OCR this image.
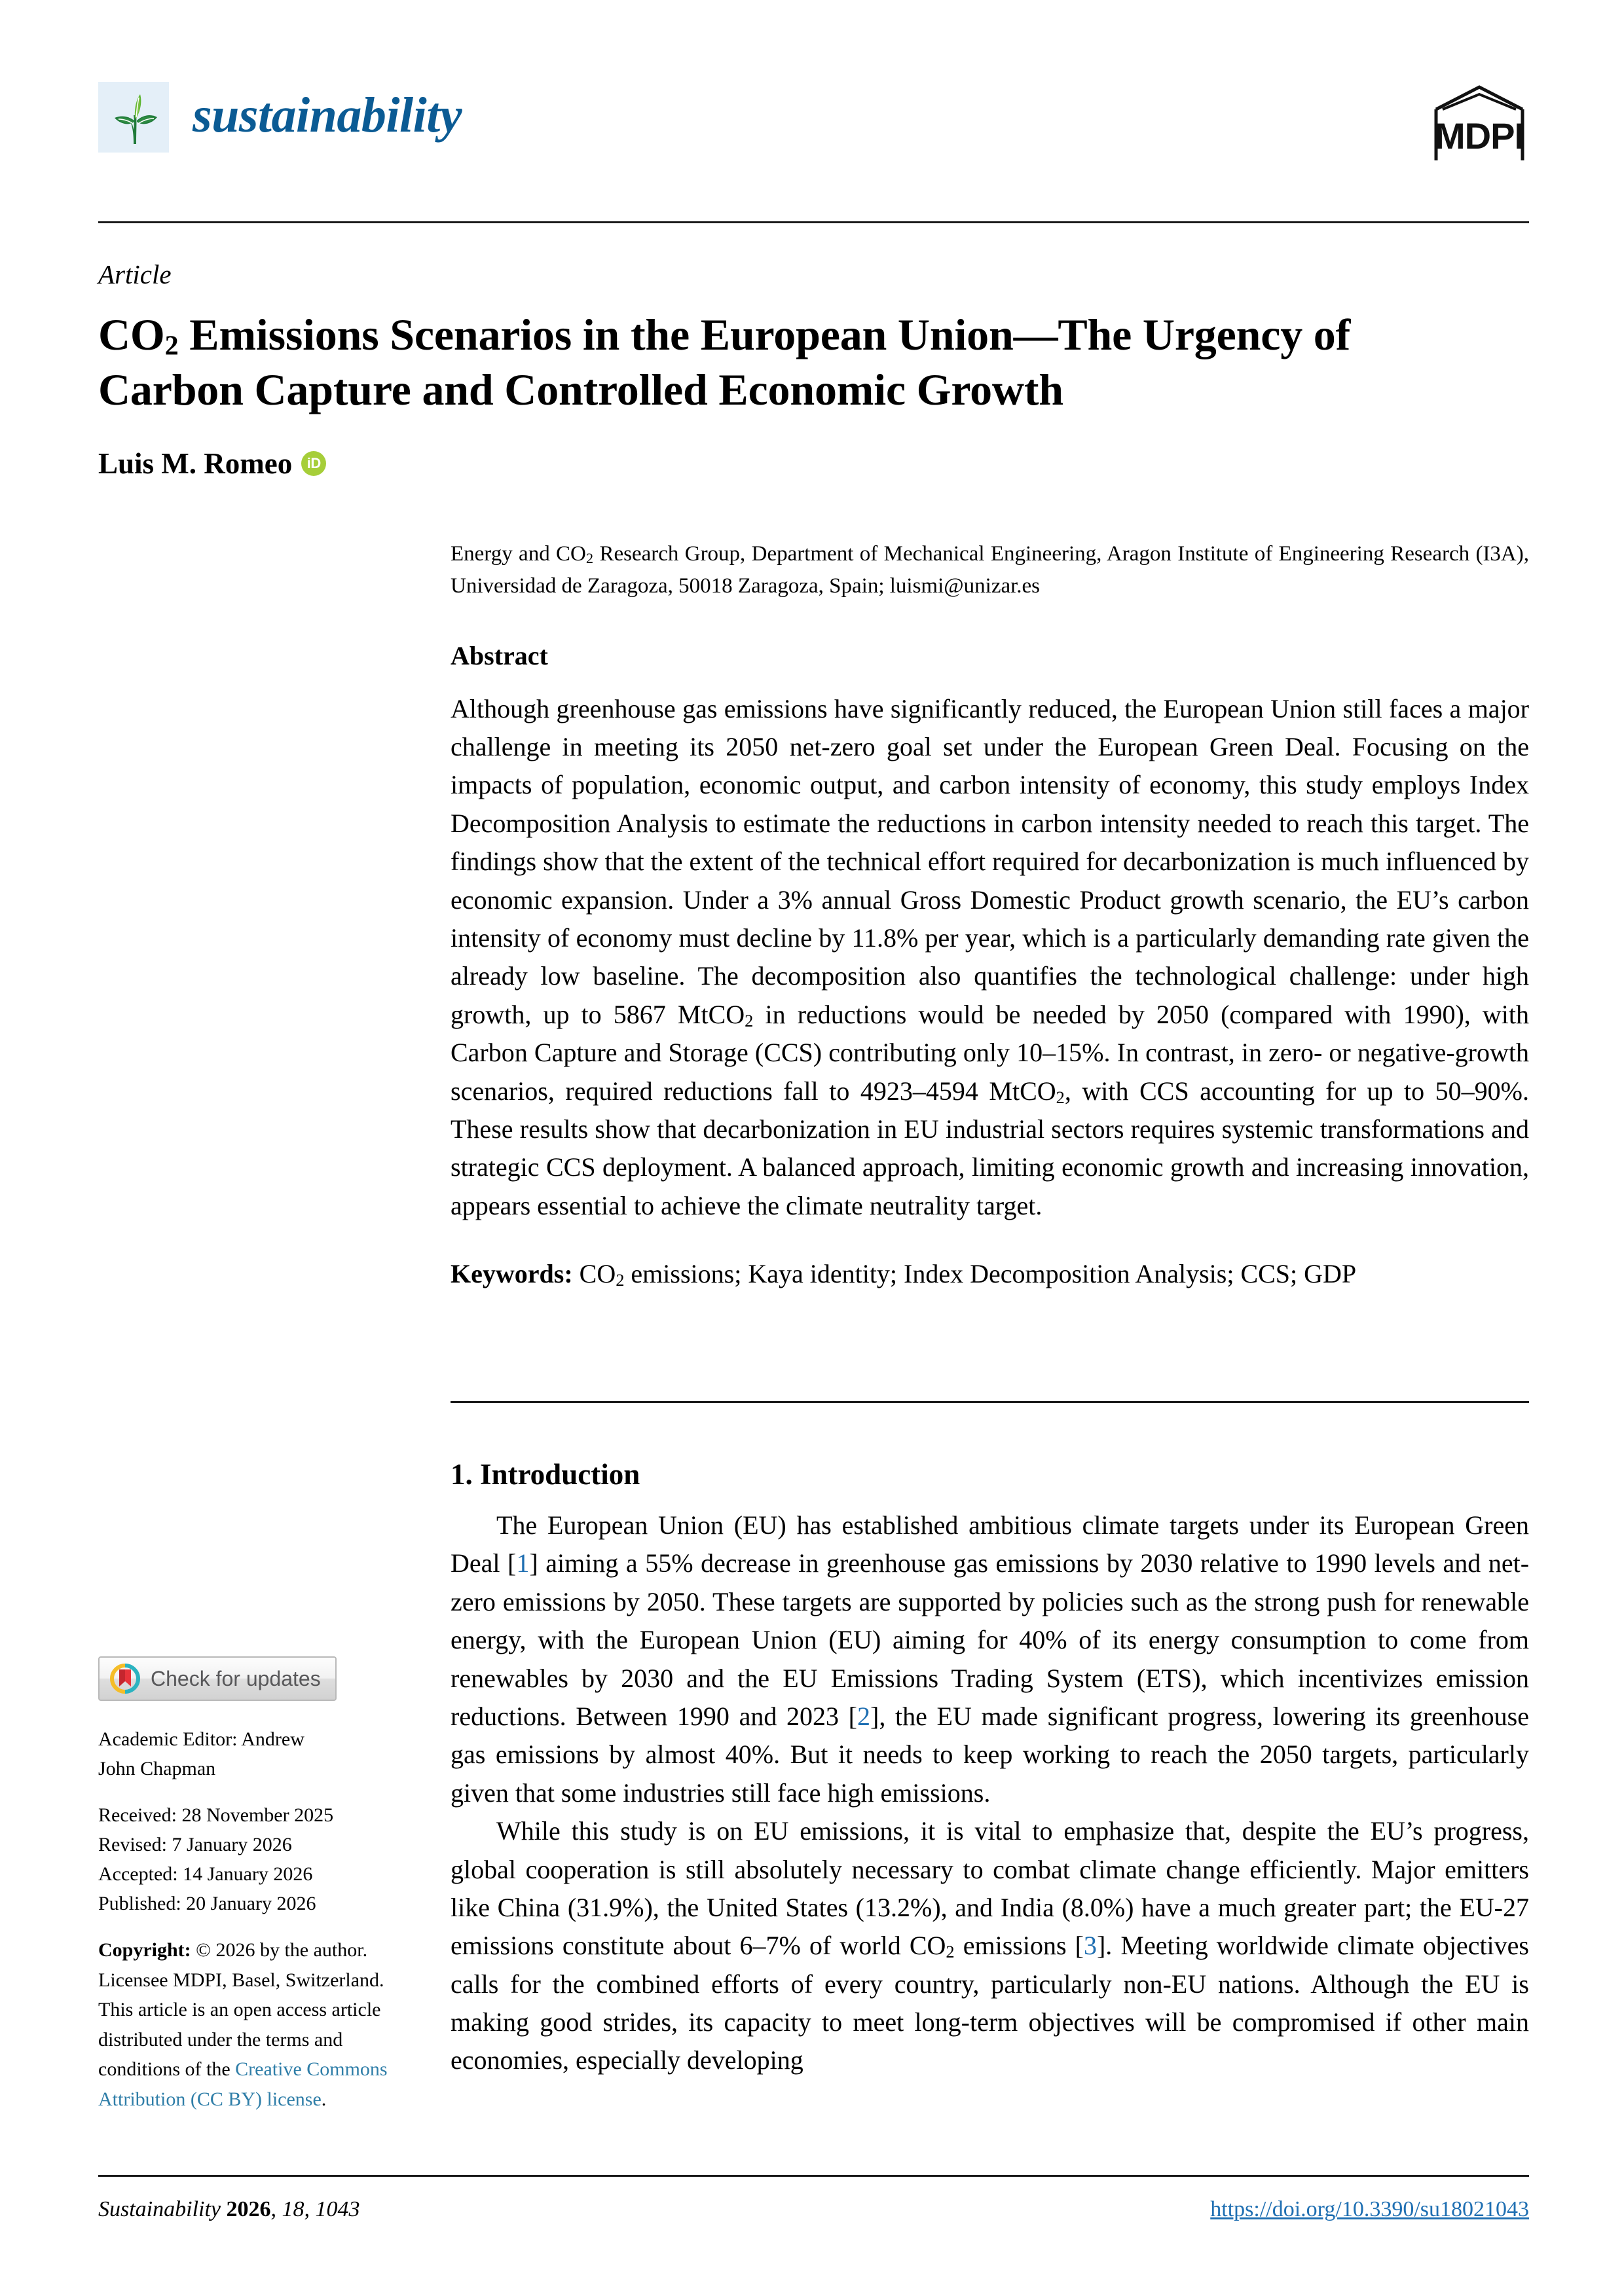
sustainability	MDPI
Article
$CO_2$ Emissions Scenarios in the European Union—The Urgency of Carbon Capture and Controlled Economic Growth
Luis M. Romeo	iD
Check for updates

Academic Editor: Andrew

John Chapman

Received: 28 November 2025

Revised: 7 January 2026

Accepted: 14 January 2026

Published: 20 January 2026

Copyright: © 2026 by the author. Licensee MDPI, Basel, Switzerland. This article is an open access article distributed under the terms and conditions of the Creative Commons Attribution (CC BY) license.

Energy and $CO_2$ Research Group, Department of Mechanical Engineering, Aragon Institute of Engineering Research (I3A), Universidad de Zaragoza, 50018 Zaragoza, Spain; luismi@unizar.es

Abstract

Although greenhouse gas emissions have significantly reduced, the European Union still faces a major challenge in meeting its 2050 net-zero goal set under the European Green Deal. Focusing on the impacts of population, economic output, and carbon intensity of economy, this study employs Index Decomposition Analysis to estimate the reductions in carbon intensity needed to reach this target. The findings show that the extent of the technical effort required for decarbonization is much influenced by economic expansion. Under a 3% annual Gross Domestic Product growth scenario, the EU’s carbon intensity of economy must decline by 11.8% per year, which is a particularly demanding rate given the already low baseline. The decomposition also quantifies the technological challenge: under high growth, up to 5867 MtCO$_2$ in reductions would be needed by 2050 (compared with 1990), with Carbon Capture and Storage (CCS) contributing only 10–15%. In contrast, in zero- or negative-growth scenarios, required reductions fall to 4923–4594 MtCO$_2$, with CCS accounting for up to 50–90%. These results show that decarbonization in EU industrial sectors requires systemic transformations and strategic CCS deployment. A balanced approach, limiting economic growth and increasing innovation, appears essential to achieve the climate neutrality target.

Keywords: $CO_2$ emissions; Kaya identity; Index Decomposition Analysis; CCS; GDP

1. Introduction

The European Union (EU) has established ambitious climate targets under its European Green Deal [1] aiming a 55% decrease in greenhouse gas emissions by 2030 relative to 1990 levels and net-zero emissions by 2050. These targets are supported by policies such as the strong push for renewable energy, with the European Union (EU) aiming for 40% of its energy consumption to come from renewables by 2030 and the EU Emissions Trading System (ETS), which incentivizes emission reductions. Between 1990 and 2023 [2], the EU made significant progress, lowering its greenhouse gas emissions by almost 40%. But it needs to keep working to reach the 2050 targets, particularly given that some industries still face high emissions.

While this study is on EU emissions, it is vital to emphasize that, despite the EU’s progress, global cooperation is still absolutely necessary to combat climate change efficiently. Major emitters like China (31.9%), the United States (13.2%), and India (8.0%) have a much greater part; the EU-27 emissions constitute about 6–7% of world $CO_2$ emissions [3]. Meeting worldwide climate objectives calls for the combined efforts of every country, particularly non-EU nations. Although the EU is making good strides, its capacity to meet long-term objectives will be compromised if other main economies, especially developing

Sustainability 2026, 18, 1043	https://doi.org/10.3390/su18021043
